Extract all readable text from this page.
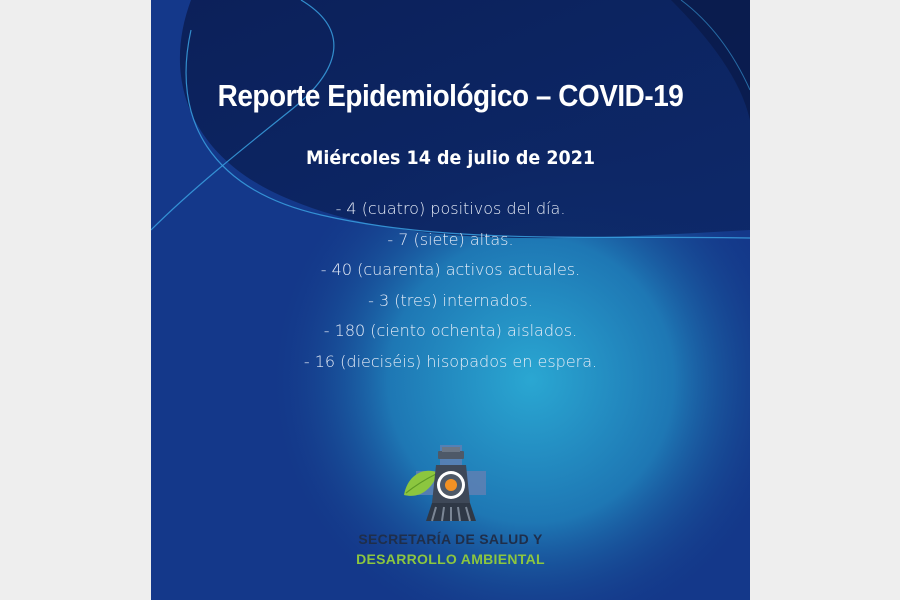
Reporte Epidemiológico – COVID-19
Miércoles 14 de julio de 2021
- 4 (cuatro) positivos del día.
- 7 (siete) altas.
- 40 (cuarenta) activos actuales.
- 3 (tres) internados.
- 180 (ciento ochenta) aislados.
- 16 (dieciséis) hisopados en espera.
SECRETARÍA DE SALUD Y
DESARROLLO AMBIENTAL
